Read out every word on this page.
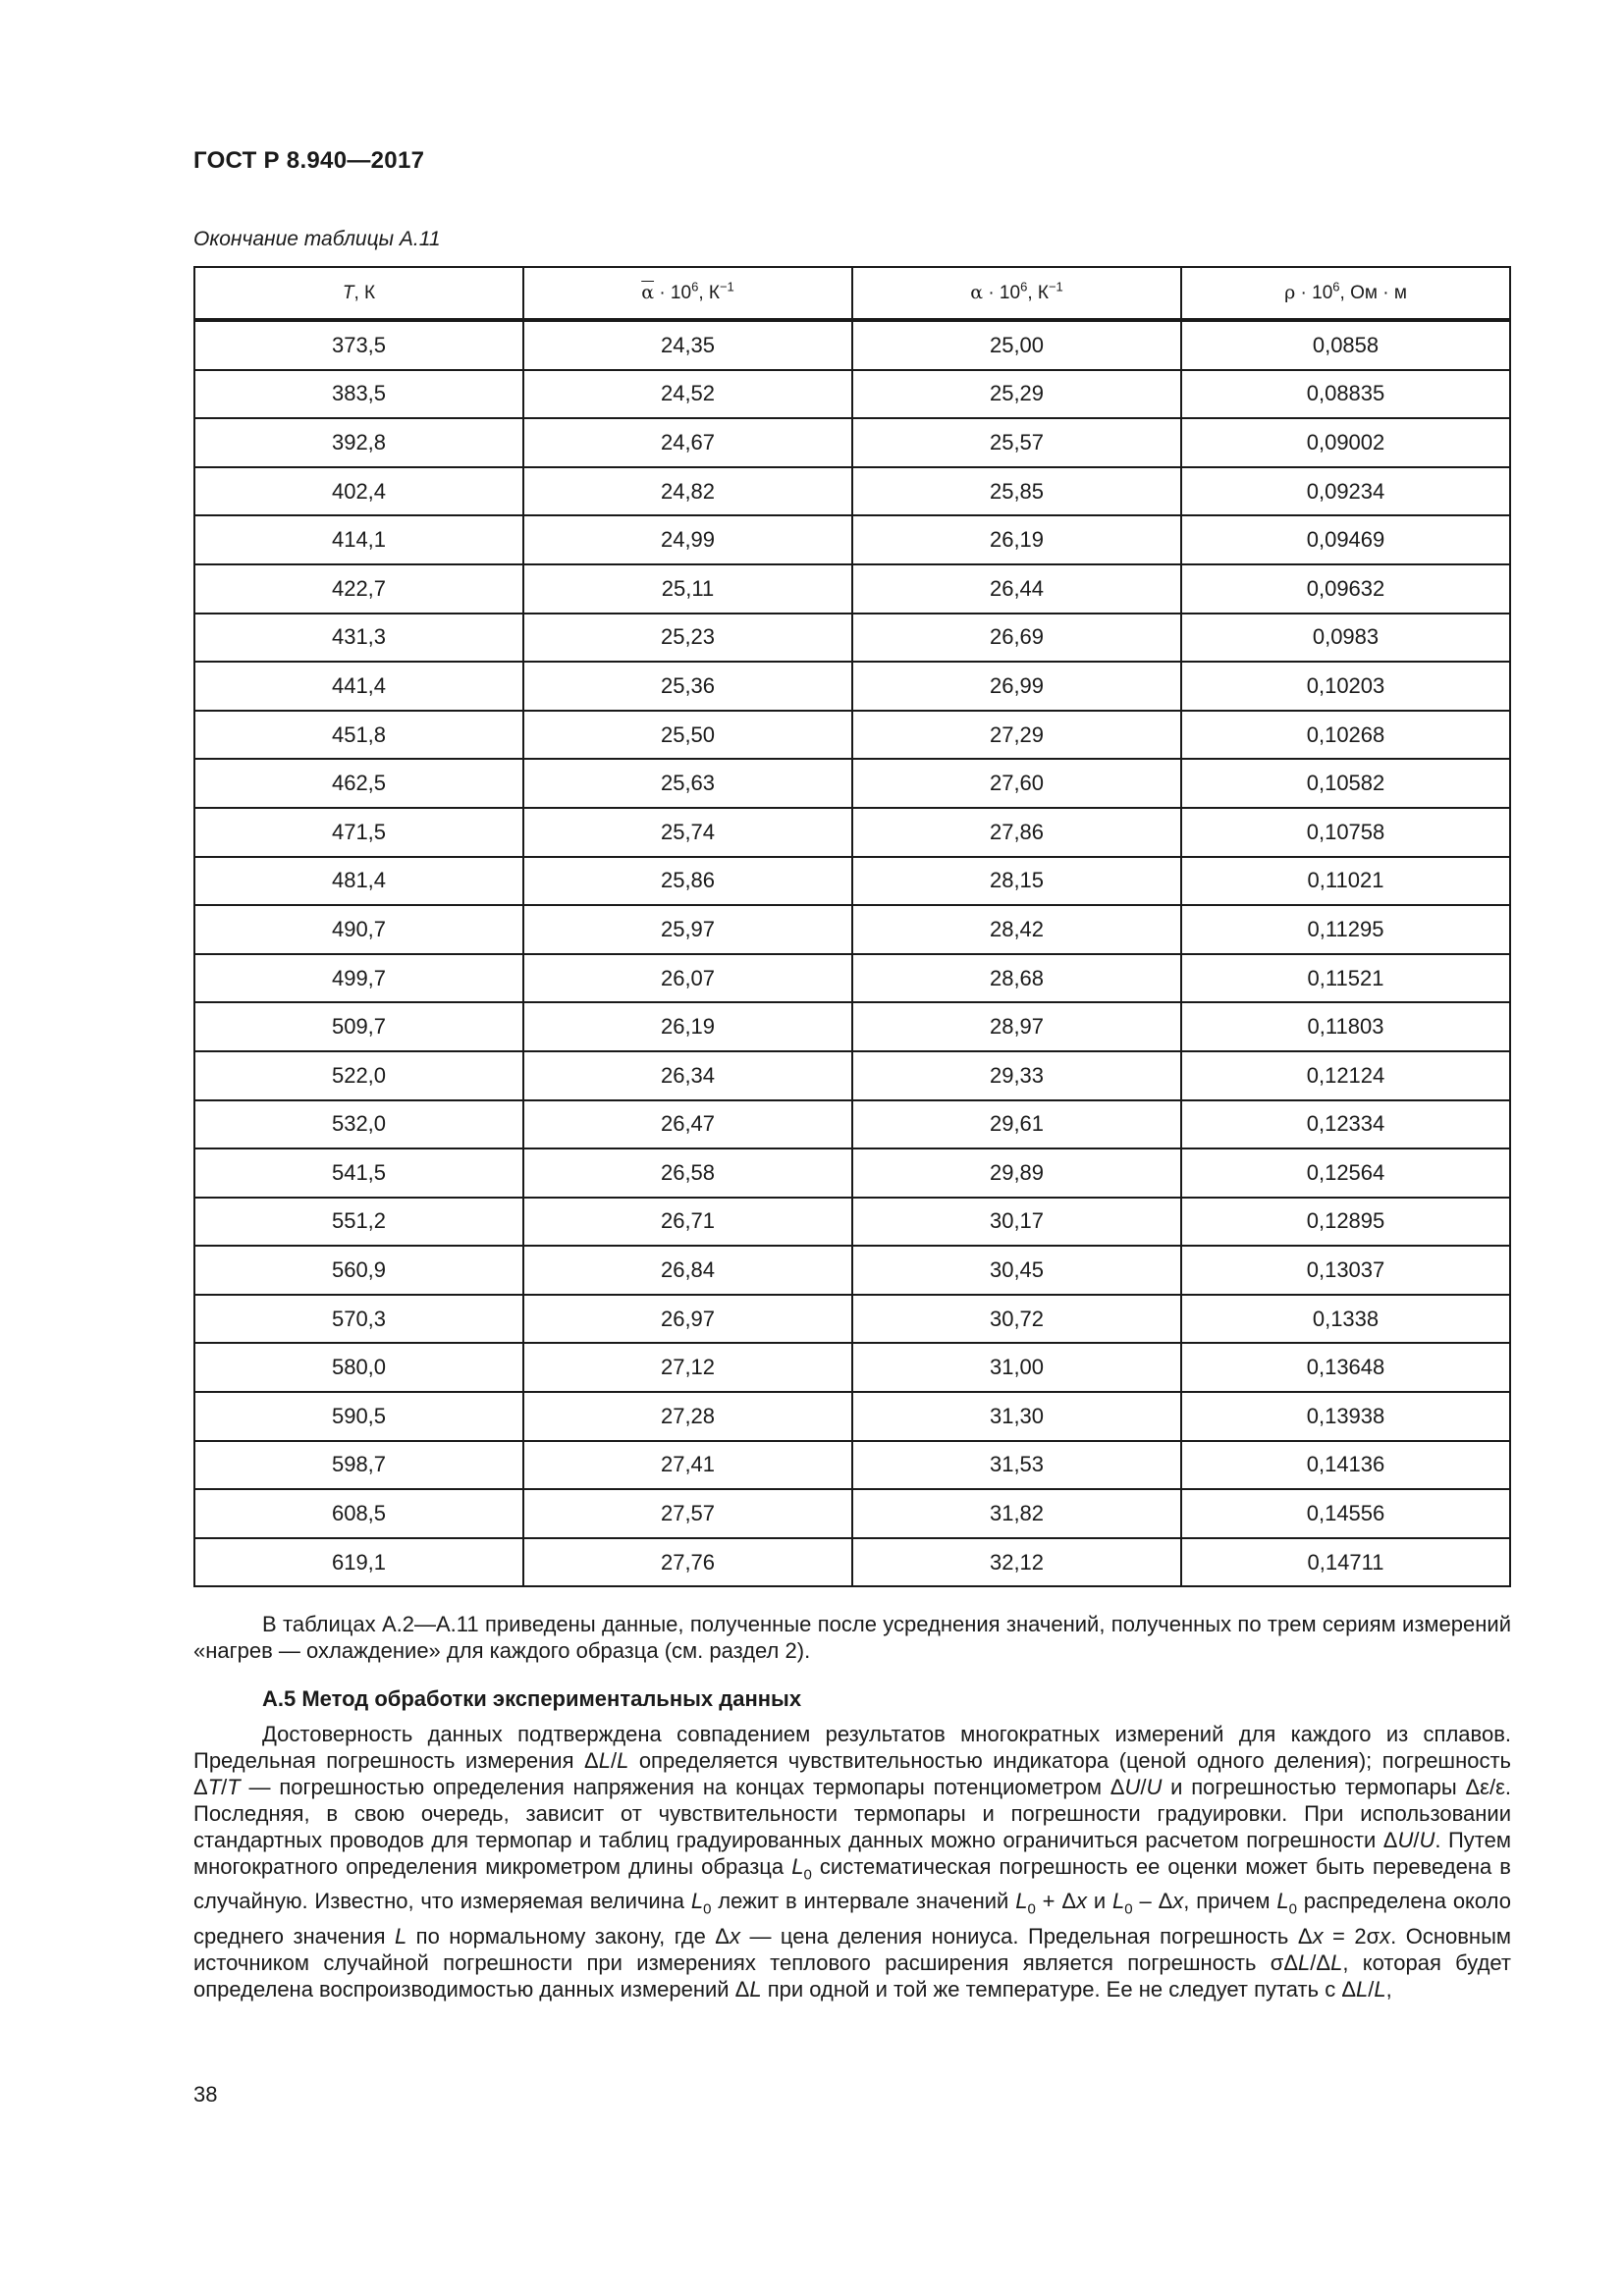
ГОСТ Р 8.940—2017
Окончание таблицы А.11
T, К	$\overline{\alpha} \cdot 10^6$, $К^{-1}$	$\alpha \cdot 10^6$, $К^{-1}$	$\rho \cdot 10^6$, Ом · м
373,5	24,35	25,00	0,0858
383,5	24,52	25,29	0,08835
392,8	24,67	25,57	0,09002
402,4	24,82	25,85	0,09234
414,1	24,99	26,19	0,09469
422,7	25,11	26,44	0,09632
431,3	25,23	26,69	0,0983
441,4	25,36	26,99	0,10203
451,8	25,50	27,29	0,10268
462,5	25,63	27,60	0,10582
471,5	25,74	27,86	0,10758
481,4	25,86	28,15	0,11021
490,7	25,97	28,42	0,11295
499,7	26,07	28,68	0,11521
509,7	26,19	28,97	0,11803
522,0	26,34	29,33	0,12124
532,0	26,47	29,61	0,12334
541,5	26,58	29,89	0,12564
551,2	26,71	30,17	0,12895
560,9	26,84	30,45	0,13037
570,3	26,97	30,72	0,1338
580,0	27,12	31,00	0,13648
590,5	27,28	31,30	0,13938
598,7	27,41	31,53	0,14136
608,5	27,57	31,82	0,14556
619,1	27,76	32,12	0,14711
В таблицах А.2—А.11 приведены данные, полученные после усреднения значений, полученных по трем сериям измерений «нагрев — охлаждение» для каждого образца (см. раздел 2).
А.5 Метод обработки экспериментальных данных
Достоверность данных подтверждена совпадением результатов многократных измерений для каждого из сплавов. Предельная погрешность измерения ΔL/L определяется чувствительностью индикатора (ценой одного деления); погрешность ΔT/T — погрешностью определения напряжения на концах термопары потенциометром ΔU/U и погрешностью термопары Δε/ε. Последняя, в свою очередь, зависит от чувствительности термопары и погрешности градуировки. При использовании стандартных проводов для термопар и таблиц градуированных данных можно ограничиться расчетом погрешности ΔU/U. Путем многократного определения микрометром длины образца $L_0$ систематическая погрешность ее оценки может быть переведена в случайную. Известно, что измеряемая величина $L_0$ лежит в интервале значений $L_0 + \Delta x$ и $L_0$ – Δx, причем $L_0$ распределена около среднего значения L по нормальному закону, где Δx — цена деления нониуса. Предельная погрешность Δx = 2σx. Основным источником случайной погрешности при измерениях теплового расширения является погрешность σΔL/ΔL, которая будет определена воспроизводимостью данных измерений ΔL при одной и той же температуре. Ее не следует путать с ΔL/L,
38
